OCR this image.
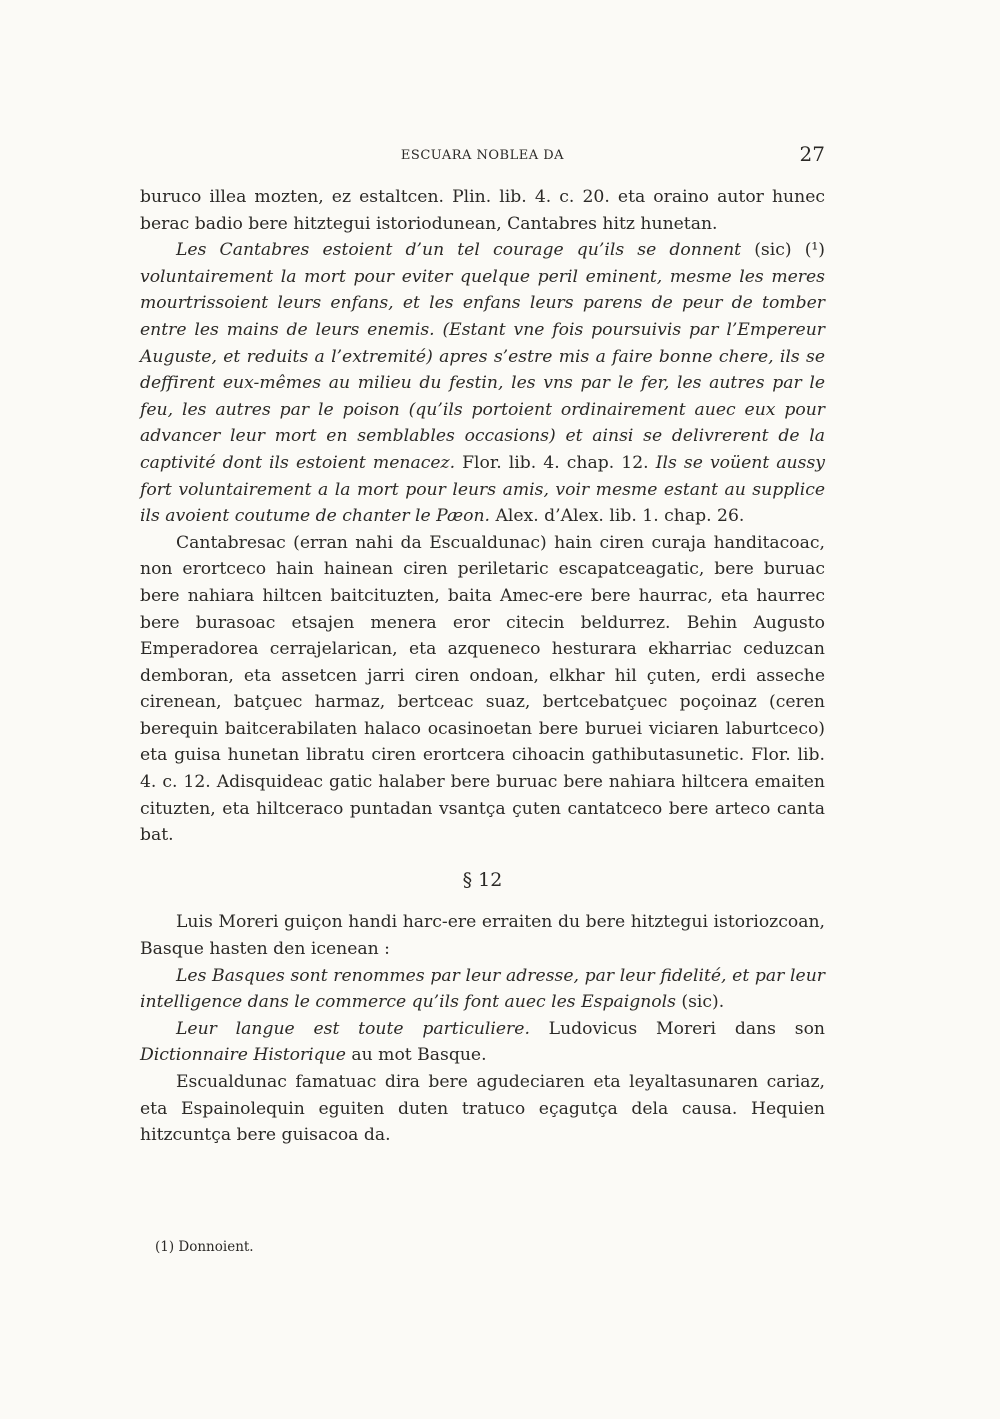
ESCUARA NOBLEA DA	27

buruco illea mozten, ez estaltcen. Plin. lib. 4. c. 20. eta oraino autor hunec berac badio bere hitztegui istoriodunean, Cantabres hitz hunetan.

Les Cantabres estoient d’un tel courage qu’ils se donnent (sic) (¹) voluntairement la mort pour eviter quelque peril eminent, mesme les meres mourtrissoient leurs enfans, et les enfans leurs parens de peur de tomber entre les mains de leurs enemis. (Estant vne fois poursuivis par l’Empereur Auguste, et reduits a l’extremité) apres s’estre mis a faire bonne chere, ils se deffirent eux-mêmes au milieu du festin, les vns par le fer, les autres par le feu, les autres par le poison (qu’ils portoient ordinairement auec eux pour advancer leur mort en semblables occasions) et ainsi se delivrerent de la captivité dont ils estoient menacez. Flor. lib. 4. chap. 12. Ils se voüent aussy fort voluntairement a la mort pour leurs amis, voir mesme estant au supplice ils avoient coutume de chanter le Pæon. Alex. d’Alex. lib. 1. chap. 26.

Cantabresac (erran nahi da Escualdunac) hain ciren curaja handitacoac, non erortceco hain hainean ciren periletaric escapatceagatic, bere buruac bere nahiara hiltcen baitcituzten, baita Amec-ere bere haurrac, eta haurrec bere burasoac etsajen menera eror citecin beldurrez. Behin Augusto Emperadorea cerrajelarican, eta azqueneco hesturara ekharriac ceduzcan demboran, eta assetcen jarri ciren ondoan, elkhar hil çuten, erdi asseche cirenean, batçuec harmaz, bertceac suaz, bertcebatçuec poçoinaz (ceren berequin baitcerabilaten halaco ocasinoetan bere buruei viciaren laburtceco) eta guisa hunetan libratu ciren erortcera cihoacin gathibutasunetic. Flor. lib. 4. c. 12. Adisquideac gatic halaber bere buruac bere nahiara hiltcera emaiten cituzten, eta hiltceraco puntadan vsantça çuten cantatceco bere arteco canta bat.

§ 12

Luis Moreri guiçon handi harc-ere erraiten du bere hitztegui istoriozcoan, Basque hasten den icenean :

Les Basques sont renommes par leur adresse, par leur fidelité, et par leur intelligence dans le commerce qu’ils font auec les Espaignols (sic).

Leur langue est toute particuliere. Ludovicus Moreri dans son Dictionnaire Historique au mot Basque.

Escualdunac famatuac dira bere agudeciaren eta leyaltasunaren cariaz, eta Espainolequin eguiten duten tratuco eçagutça dela causa. Hequien hitzcuntça bere guisacoa da.

(1) Donnoient.
